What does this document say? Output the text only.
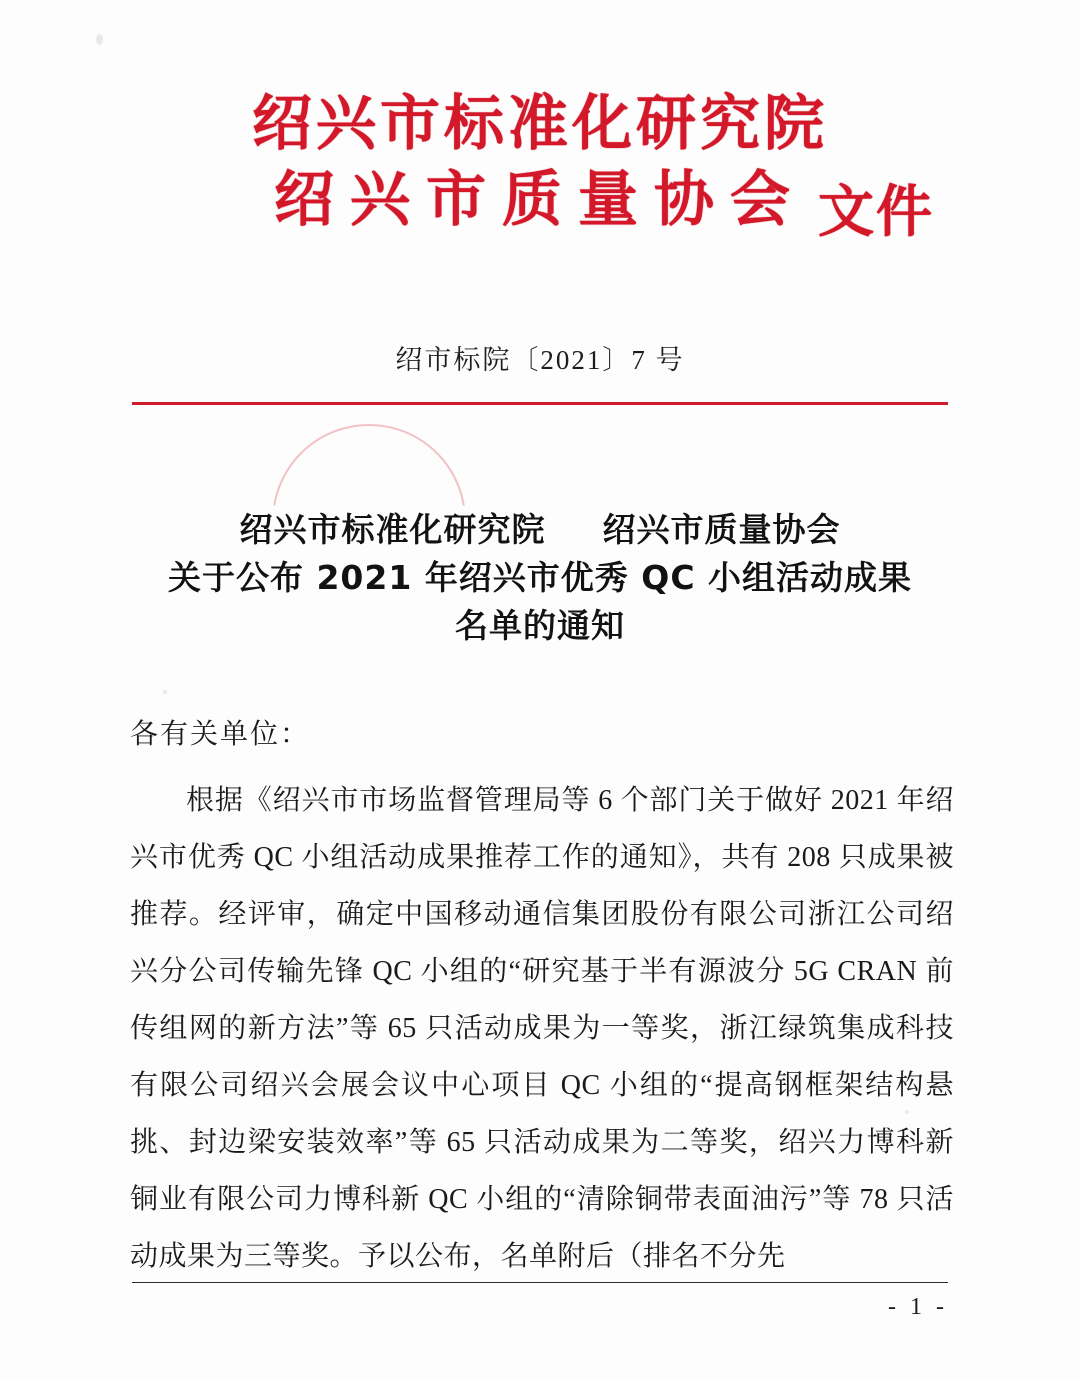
绍兴市标准化研究院
绍兴市质量协会 文件
绍市标院〔2021〕7 号
绍兴市标准化研究院 绍兴市质量协会
关于公布 2021 年绍兴市优秀 QC 小组活动成果
名单的通知
各有关单位：

根据《绍兴市市场监督管理局等 6 个部门关于做好 2021 年绍兴市优秀 QC 小组活动成果推荐工作的通知》，共有 208 只成果被推荐。经评审，确定中国移动通信集团股份有限公司浙江公司绍兴分公司传输先锋 QC 小组的“研究基于半有源波分 5G CRAN 前传组网的新方法”等 65 只活动成果为一等奖，浙江绿筑集成科技有限公司绍兴会展会议中心项目 QC 小组的“提高钢框架结构悬挑、封边梁安装效率”等 65 只活动成果为二等奖，绍兴力博科新铜业有限公司力博科新 QC 小组的“清除铜带表面油污”等 78 只活动成果为三等奖。予以公布，名单附后（排名不分先

- 1 -
